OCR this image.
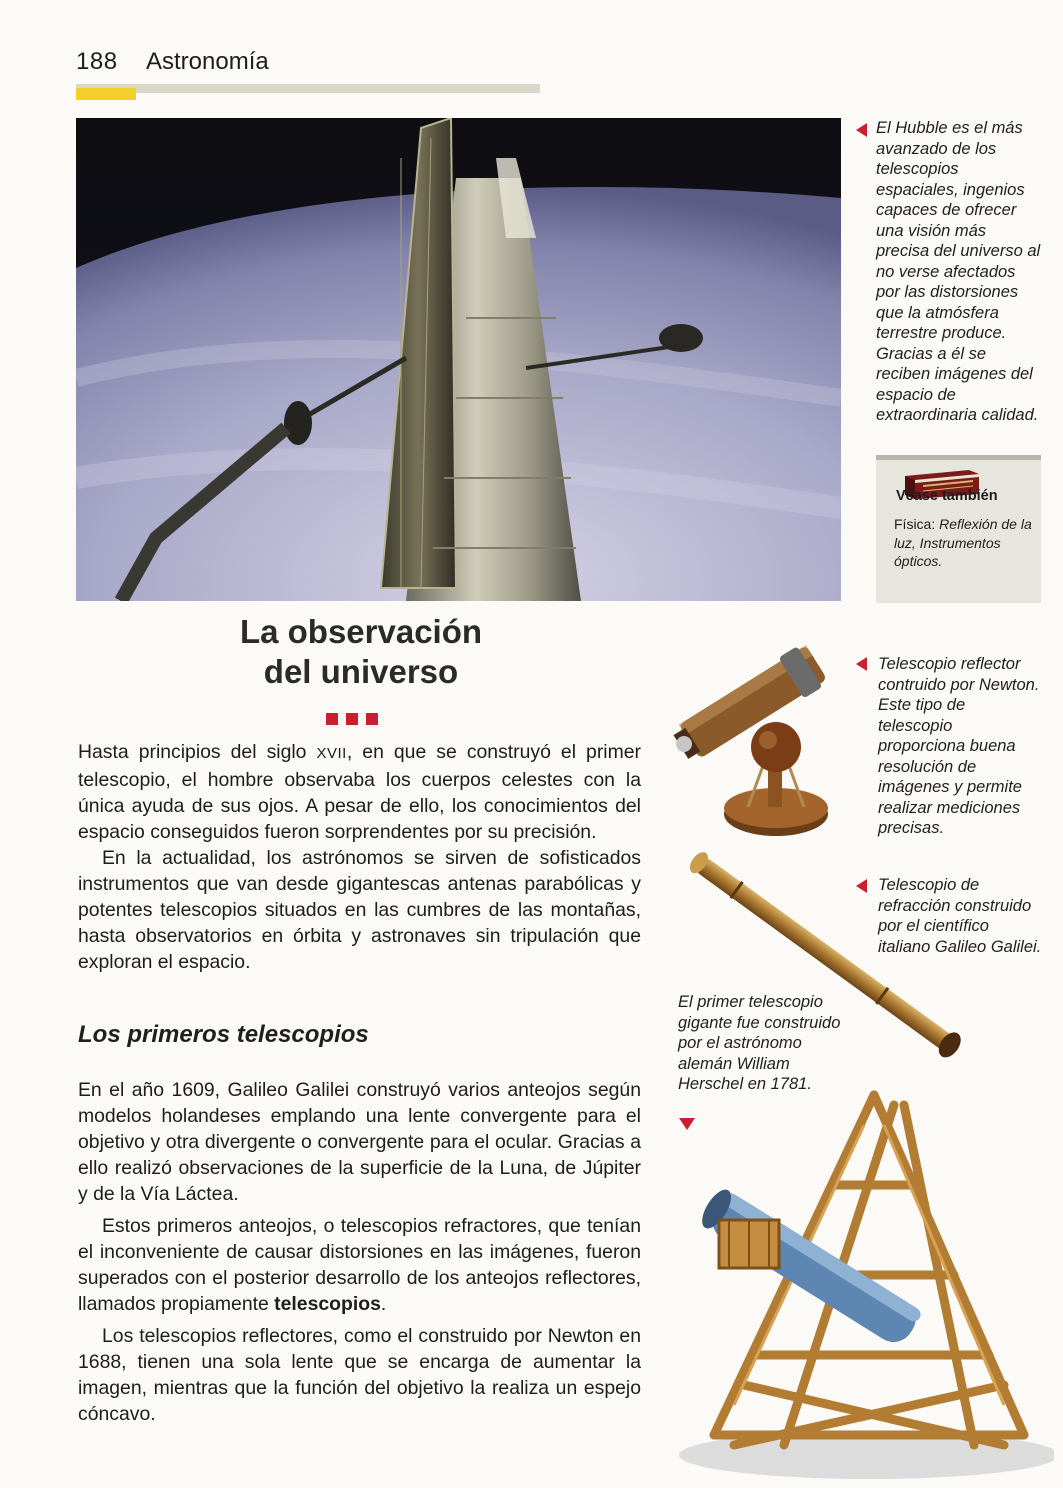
188 Astronomía
El Hubble es el más avanzado de los telescopios espaciales, ingenios capaces de ofrecer una visión más precisa del universo al no verse afectados por las distorsiones que la atmósfera terrestre produce. Gracias a él se reciben imágenes del espacio de extraordinaria calidad.
Véase también
Física: Reflexión de la luz, Instrumentos ópticos.
La observación
del universo

Hasta principios del siglo XVII, en que se construyó el primer telescopio, el hombre observaba los cuerpos celestes con la única ayuda de sus ojos. A pesar de ello, los conocimientos del espacio conseguidos fueron sorprendentes por su precisión.

En la actualidad, los astrónomos se sirven de sofisticados instrumentos que van desde gigantescas antenas parabólicas y potentes telescopios situados en las cumbres de las montañas, hasta observatorios en órbita y astronaves sin tripulación que exploran el espacio.

Los primeros telescopios

En el año 1609, Galileo Galilei construyó varios anteojos según modelos holandeses emplando una lente convergente para el objetivo y otra divergente o convergente para el ocular. Gracias a ello realizó observaciones de la superficie de la Luna, de Júpiter y de la Vía Láctea.

Estos primeros anteojos, o telescopios refractores, que tenían el inconveniente de causar distorsiones en las imágenes, fueron superados con el posterior desarrollo de los anteojos reflectores, llamados propiamente telescopios.

Los telescopios reflectores, como el construido por Newton en 1688, tienen una sola lente que se encarga de aumentar la imagen, mientras que la función del objetivo la realiza un espejo cóncavo.

Telescopio reflector contruido por Newton. Este tipo de telescopio proporciona buena resolución de imágenes y permite realizar mediciones precisas.
Telescopio de refracción construido por el científico italiano Galileo Galilei.
El primer telescopio gigante fue construido por el astrónomo alemán William Herschel en 1781.
